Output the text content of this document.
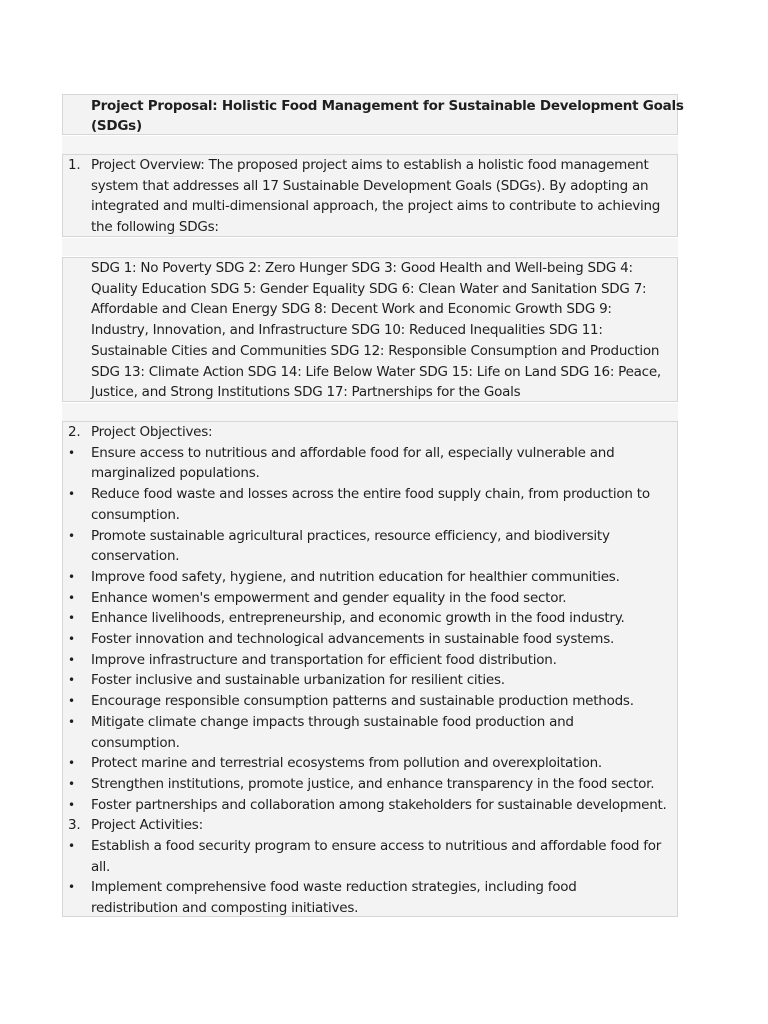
Project Proposal: Holistic Food Management for Sustainable Development Goals
(SDGs)
1. Project Overview: The proposed project aims to establish a holistic food management
system that addresses all 17 Sustainable Development Goals (SDGs). By adopting an
integrated and multi-dimensional approach, the project aims to contribute to achieving
the following SDGs:
SDG 1: No Poverty SDG 2: Zero Hunger SDG 3: Good Health and Well-being SDG 4:
Quality Education SDG 5: Gender Equality SDG 6: Clean Water and Sanitation SDG 7:
Affordable and Clean Energy SDG 8: Decent Work and Economic Growth SDG 9:
Industry, Innovation, and Infrastructure SDG 10: Reduced Inequalities SDG 11:
Sustainable Cities and Communities SDG 12: Responsible Consumption and Production
SDG 13: Climate Action SDG 14: Life Below Water SDG 15: Life on Land SDG 16: Peace,
Justice, and Strong Institutions SDG 17: Partnerships for the Goals
2. Project Objectives:
• Ensure access to nutritious and affordable food for all, especially vulnerable and
marginalized populations.
• Reduce food waste and losses across the entire food supply chain, from production to
consumption.
• Promote sustainable agricultural practices, resource efficiency, and biodiversity
conservation.
• Improve food safety, hygiene, and nutrition education for healthier communities.
• Enhance women's empowerment and gender equality in the food sector.
• Enhance livelihoods, entrepreneurship, and economic growth in the food industry.
• Foster innovation and technological advancements in sustainable food systems.
• Improve infrastructure and transportation for efficient food distribution.
• Foster inclusive and sustainable urbanization for resilient cities.
• Encourage responsible consumption patterns and sustainable production methods.
• Mitigate climate change impacts through sustainable food production and
consumption.
• Protect marine and terrestrial ecosystems from pollution and overexploitation.
• Strengthen institutions, promote justice, and enhance transparency in the food sector.
• Foster partnerships and collaboration among stakeholders for sustainable development.
3. Project Activities:
• Establish a food security program to ensure access to nutritious and affordable food for
all.
• Implement comprehensive food waste reduction strategies, including food
redistribution and composting initiatives.
